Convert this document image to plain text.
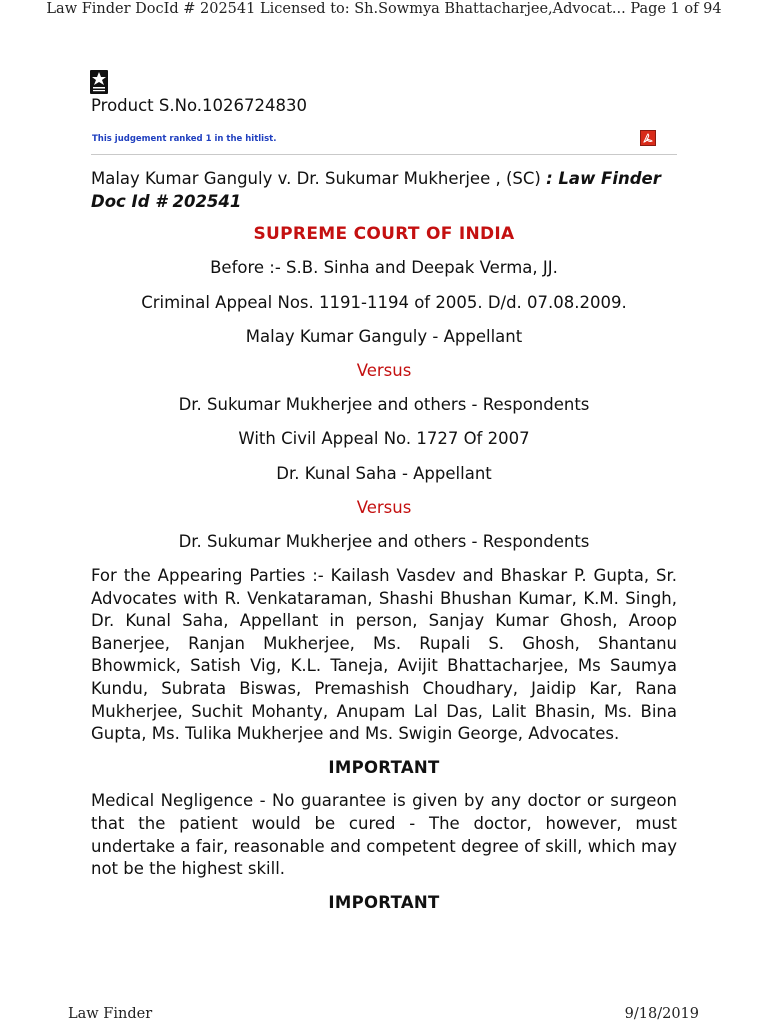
Law Finder DocId # 202541 Licensed to: Sh.Sowmya Bhattacharjee,Advocat... Page 1 of 94
Product S.No.1026724830
This judgement ranked 1 in the hitlist.

Malay Kumar Ganguly v. Dr. Sukumar Mukherjee , (SC) : Law Finder Doc Id # 202541

SUPREME COURT OF INDIA

Before :- S.B. Sinha and Deepak Verma, JJ.

Criminal Appeal Nos. 1191-1194 of 2005. D/d. 07.08.2009.

Malay Kumar Ganguly - Appellant

Versus

Dr. Sukumar Mukherjee and others - Respondents

With Civil Appeal No. 1727 Of 2007

Dr. Kunal Saha - Appellant

Versus

Dr. Sukumar Mukherjee and others - Respondents

For the Appearing Parties :- Kailash Vasdev and Bhaskar P. Gupta, Sr. Advocates with R. Venkataraman, Shashi Bhushan Kumar, K.M. Singh, Dr. Kunal Saha, Appellant in person, Sanjay Kumar Ghosh, Aroop Banerjee, Ranjan Mukherjee, Ms. Rupali S. Ghosh, Shantanu Bhowmick, Satish Vig, K.L. Taneja, Avijit Bhattacharjee, Ms Saumya Kundu, Subrata Biswas, Premashish Choudhary, Jaidip Kar, Rana Mukherjee, Suchit Mohanty, Anupam Lal Das, Lalit Bhasin, Ms. Bina Gupta, Ms. Tulika Mukherjee and Ms. Swigin George, Advocates.

IMPORTANT

Medical Negligence - No guarantee is given by any doctor or surgeon that the patient would be cured - The doctor, however, must undertake a fair, reasonable and competent degree of skill, which may not be the highest skill.

IMPORTANT

Law Finder	9/18/2019
